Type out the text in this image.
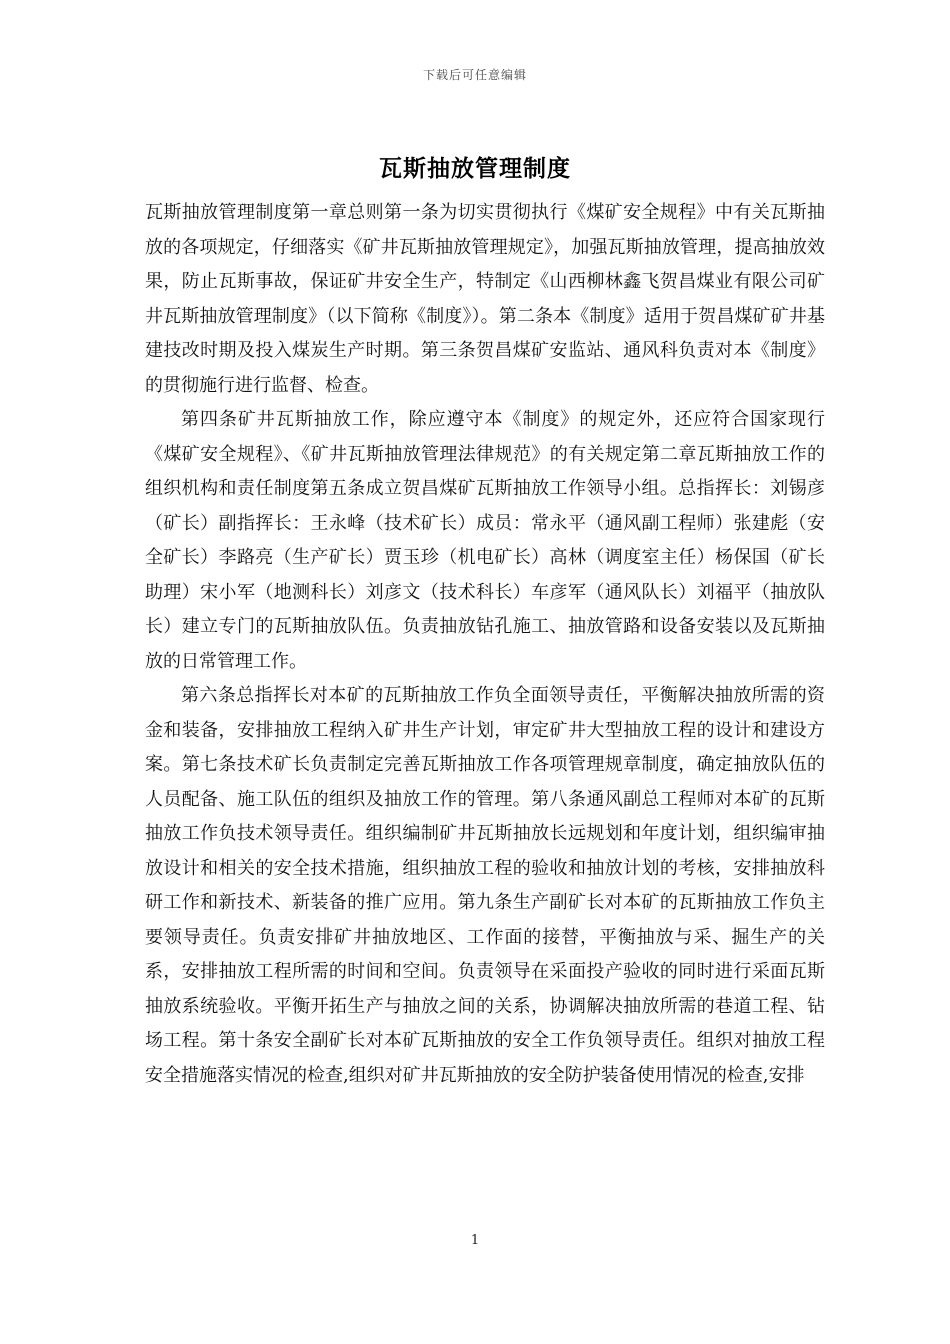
下载后可任意编辑
瓦斯抽放管理制度

瓦斯抽放管理制度第一章总则第一条为切实贯彻执行《煤矿安全规程》中有关瓦斯抽放的各项规定，仔细落实《矿井瓦斯抽放管理规定》，加强瓦斯抽放管理，提高抽放效果，防止瓦斯事故，保证矿井安全生产，特制定《山西柳林鑫飞贺昌煤业有限公司矿井瓦斯抽放管理制度》（以下简称《制度》）。第二条本《制度》适用于贺昌煤矿矿井基建技改时期及投入煤炭生产时期。第三条贺昌煤矿安监站、通风科负责对本《制度》的贯彻施行进行监督、检查。

第四条矿井瓦斯抽放工作，除应遵守本《制度》的规定外，还应符合国家现行《煤矿安全规程》、《矿井瓦斯抽放管理法律规范》的有关规定第二章瓦斯抽放工作的组织机构和责任制度第五条成立贺昌煤矿瓦斯抽放工作领导小组。总指挥长：刘锡彦（矿长）副指挥长：王永峰（技术矿长）成员：常永平（通风副工程师）张建彪（安全矿长）李路亮（生产矿长）贾玉珍（机电矿长）高林（调度室主任）杨保国（矿长助理）宋小军（地测科长）刘彦文（技术科长）车彦军（通风队长）刘福平（抽放队长）建立专门的瓦斯抽放队伍。负责抽放钻孔施工、抽放管路和设备安装以及瓦斯抽放的日常管理工作。

第六条总指挥长对本矿的瓦斯抽放工作负全面领导责任，平衡解决抽放所需的资金和装备，安排抽放工程纳入矿井生产计划，审定矿井大型抽放工程的设计和建设方案。第七条技术矿长负责制定完善瓦斯抽放工作各项管理规章制度，确定抽放队伍的人员配备、施工队伍的组织及抽放工作的管理。第八条通风副总工程师对本矿的瓦斯抽放工作负技术领导责任。组织编制矿井瓦斯抽放长远规划和年度计划，组织编审抽放设计和相关的安全技术措施，组织抽放工程的验收和抽放计划的考核，安排抽放科研工作和新技术、新装备的推广应用。第九条生产副矿长对本矿的瓦斯抽放工作负主要领导责任。负责安排矿井抽放地区、工作面的接替，平衡抽放与采、掘生产的关系，安排抽放工程所需的时间和空间。负责领导在采面投产验收的同时进行采面瓦斯抽放系统验收。平衡开拓生产与抽放之间的关系，协调解决抽放所需的巷道工程、钻场工程。第十条安全副矿长对本矿瓦斯抽放的安全工作负领导责任。组织对抽放工程安全措施落实情况的检查,组织对矿井瓦斯抽放的安全防护装备使用情况的检查,安排

1
